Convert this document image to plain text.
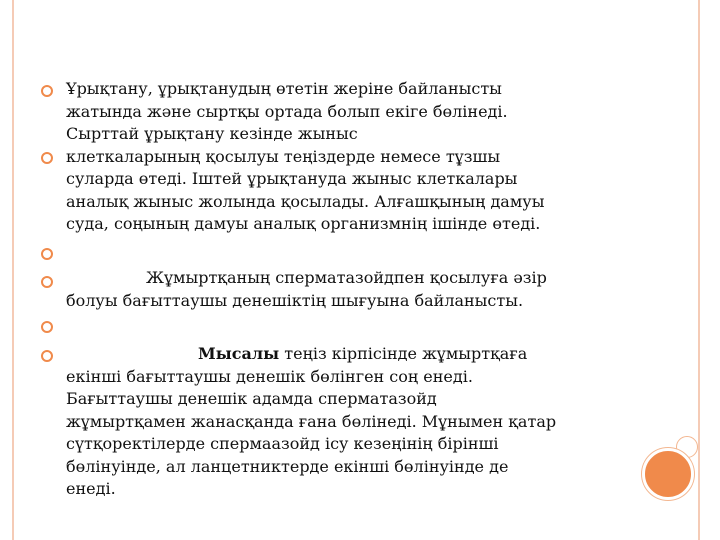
Ұрықтану, ұрықтанудың өтетін жеріне байланысты
жатында және сыртқы ортада болып екіге бөлінеді.
Сырттай ұрықтану кезінде жыныс
клеткаларының қосылуы теңіздерде немесе тұзшы
суларда өтеді. Іштей ұрықтануда жыныс клеткалары
аналық жыныс жолында қосылады. Алғашқының дамуы
суда, соңының дамуы аналық организмнің ішінде өтеді.
Жұмыртқаның сперматазойдпен қосылуға әзір
болуы бағыттаушы денешіктің шығуына байланысты.
Мысалы теңіз кірпісінде жұмыртқаға
екінші бағыттаушы денешік бөлінген соң енеді.
Бағыттаушы денешік адамда сперматазойд
жұмыртқамен жанасқанда ғана бөлінеді. Мұнымен қатар
сүтқоректілерде спермаазойд ісу кезеңінің біріншi
бөлінуінде, ал ланцетниктерде екінші бөлінуінде де
енеді.
